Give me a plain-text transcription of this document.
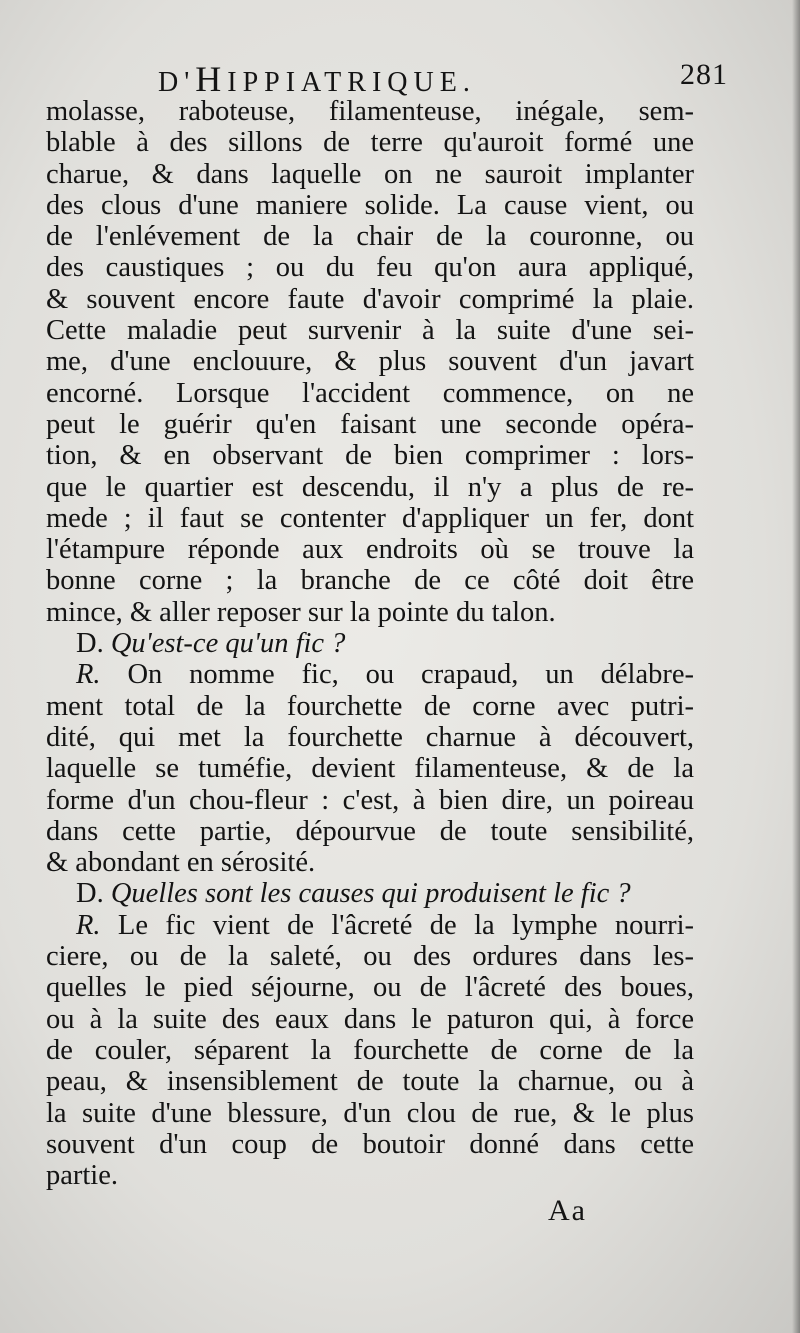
D'HIPPIATRIQUE.	281
molasse, raboteuse, filamenteuse, inégale, sem-
blable à des sillons de terre qu'auroit formé une
charue, & dans laquelle on ne sauroit implanter
des clous d'une maniere solide. La cause vient, ou
de l'enlévement de la chair de la couronne, ou
des caustiques ; ou du feu qu'on aura appliqué,
& souvent encore faute d'avoir comprimé la plaie.
Cette maladie peut survenir à la suite d'une sei-
me, d'une enclouure, & plus souvent d'un javart
encorné. Lorsque l'accident commence, on ne
peut le guérir qu'en faisant une seconde opéra-
tion, & en observant de bien comprimer : lors-
que le quartier est descendu, il n'y a plus de re-
mede ; il faut se contenter d'appliquer un fer, dont
l'étampure réponde aux endroits où se trouve la
bonne corne ; la branche de ce côté doit être
mince, & aller reposer sur la pointe du talon.
D. Qu'est-ce qu'un fic ?
R. On nomme fic, ou crapaud, un délabre-
ment total de la fourchette de corne avec putri-
dité, qui met la fourchette charnue à découvert,
laquelle se tuméfie, devient filamenteuse, & de la
forme d'un chou-fleur : c'est, à bien dire, un poireau
dans cette partie, dépourvue de toute sensibilité,
& abondant en sérosité.
D. Quelles sont les causes qui produisent le fic ?
R. Le fic vient de l'âcreté de la lymphe nourri-
ciere, ou de la saleté, ou des ordures dans les-
quelles le pied séjourne, ou de l'âcreté des boues,
ou à la suite des eaux dans le paturon qui, à force
de couler, séparent la fourchette de corne de la
peau, & insensiblement de toute la charnue, ou à
la suite d'une blessure, d'un clou de rue, & le plus
souvent d'un coup de boutoir donné dans cette
partie.
Aa
